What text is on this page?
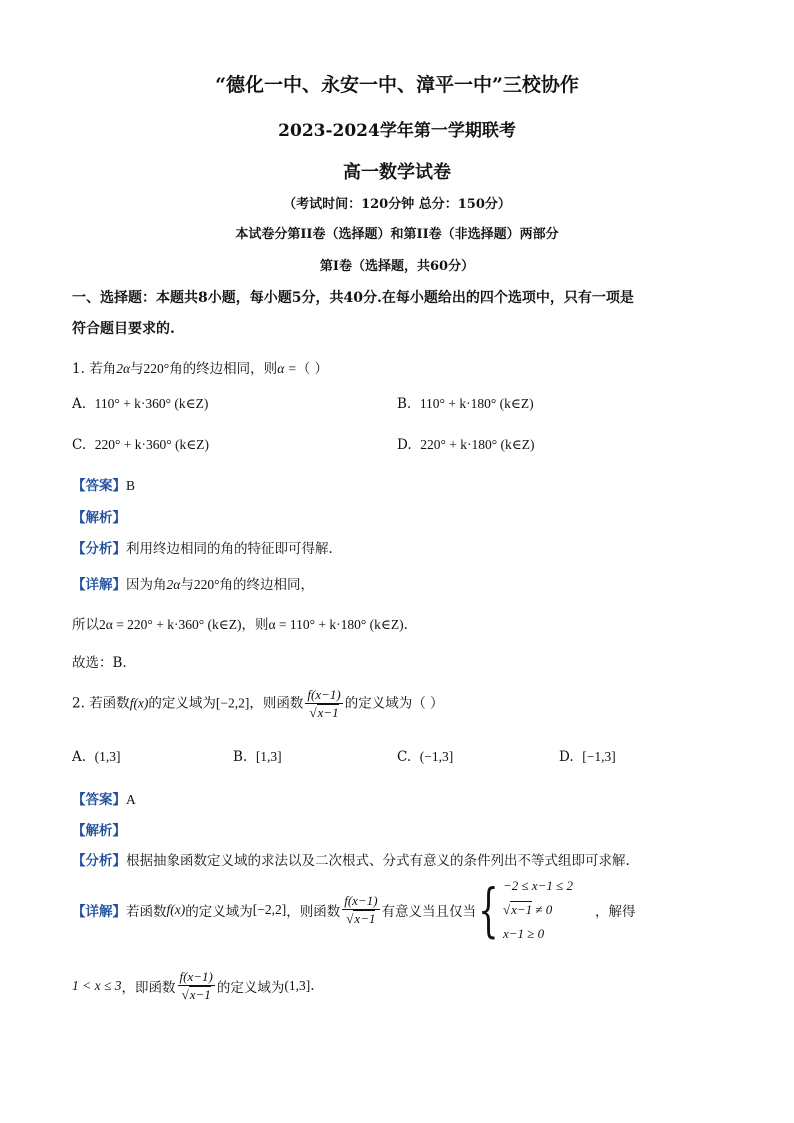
“德化一中、永安一中、漳平一中”三校协作
2023-2024学年第一学期联考
高一数学试卷
（考试时间：120分钟 总分：150分）
本试卷分第II卷（选择题）和第II卷（非选择题）两部分
第I卷（选择题，共60分）
一、选择题：本题共8小题，每小题5分，共40分.在每小题给出的四个选项中，只有一项是
符合题目要求的.
1. 若角2α与220°角的终边相同，则α =（ ）
A. 110° + k·360° (k∈Z)	B. 110° + k·180° (k∈Z)
C. 220° + k·360° (k∈Z)	D. 220° + k·180° (k∈Z)
【答案】B
【解析】
【分析】利用终边相同的角的特征即可得解.
【详解】因为角2α与220°角的终边相同，
所以2α = 220° + k·360° (k∈Z)，则α = 110° + k·180° (k∈Z).
故选：B.
2. 若函数f(x)的定义域为[−2,2]，则函数 $\frac{f(x-1)}{√x-1}$ 的定义域为（ ）
A. (1,3]	B. [1,3]	C. (−1,3]	D. [−1,3]
【答案】A
【解析】
【分析】根据抽象函数定义域的求法以及二次根式、分式有意义的条件列出不等式组即可求解.
【详解】 若函数 f(x) 的定义域为 [−2,2] ，则函数 $\frac{f(x-1)}{√x-1}$ 有意义当且仅当 { −2 ≤ x−1 ≤ 2
√x−1 ≠ 0
x−1 ≥ 0
，解得
1 < x ≤ 3 ，即函数 $\frac{f(x-1)}{√x-1}$ 的定义域为 (1,3] .
